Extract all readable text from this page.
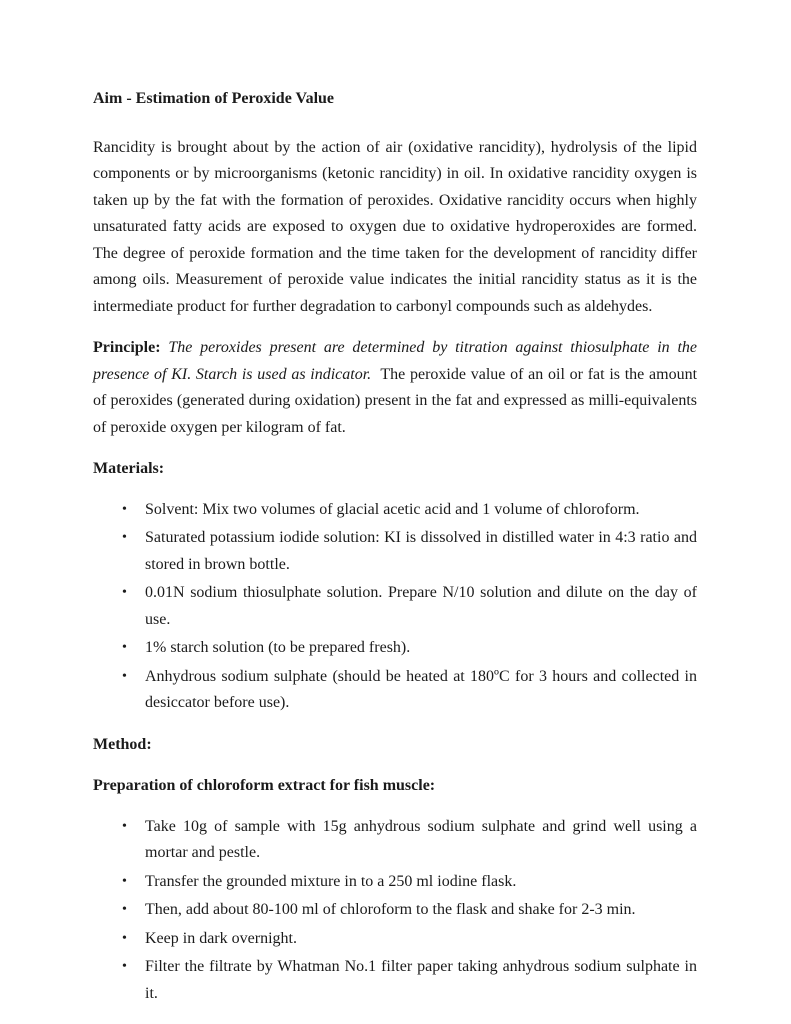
Aim - Estimation of Peroxide Value

Rancidity is brought about by the action of air (oxidative rancidity), hydrolysis of the lipid components or by microorganisms (ketonic rancidity) in oil. In oxidative rancidity oxygen is taken up by the fat with the formation of peroxides. Oxidative rancidity occurs when highly unsaturated fatty acids are exposed to oxygen due to oxidative hydroperoxides are formed. The degree of peroxide formation and the time taken for the development of rancidity differ among oils. Measurement of peroxide value indicates the initial rancidity status as it is the intermediate product for further degradation to carbonyl compounds such as aldehydes.

Principle: The peroxides present are determined by titration against thiosulphate in the presence of KI. Starch is used as indicator. The peroxide value of an oil or fat is the amount of peroxides (generated during oxidation) present in the fat and expressed as milli-equivalents of peroxide oxygen per kilogram of fat.

Materials:

• Solvent: Mix two volumes of glacial acetic acid and 1 volume of chloroform.
• Saturated potassium iodide solution: KI is dissolved in distilled water in 4:3 ratio and stored in brown bottle.
• 0.01N sodium thiosulphate solution. Prepare N/10 solution and dilute on the day of use.
• 1% starch solution (to be prepared fresh).
• Anhydrous sodium sulphate (should be heated at 180ºC for 3 hours and collected in desiccator before use).

Method:

Preparation of chloroform extract for fish muscle:

• Take 10g of sample with 15g anhydrous sodium sulphate and grind well using a mortar and pestle.
• Transfer the grounded mixture in to a 250 ml iodine flask.
• Then, add about 80-100 ml of chloroform to the flask and shake for 2-3 min.
• Keep in dark overnight.
• Filter the filtrate by Whatman No.1 filter paper taking anhydrous sodium sulphate in it.
